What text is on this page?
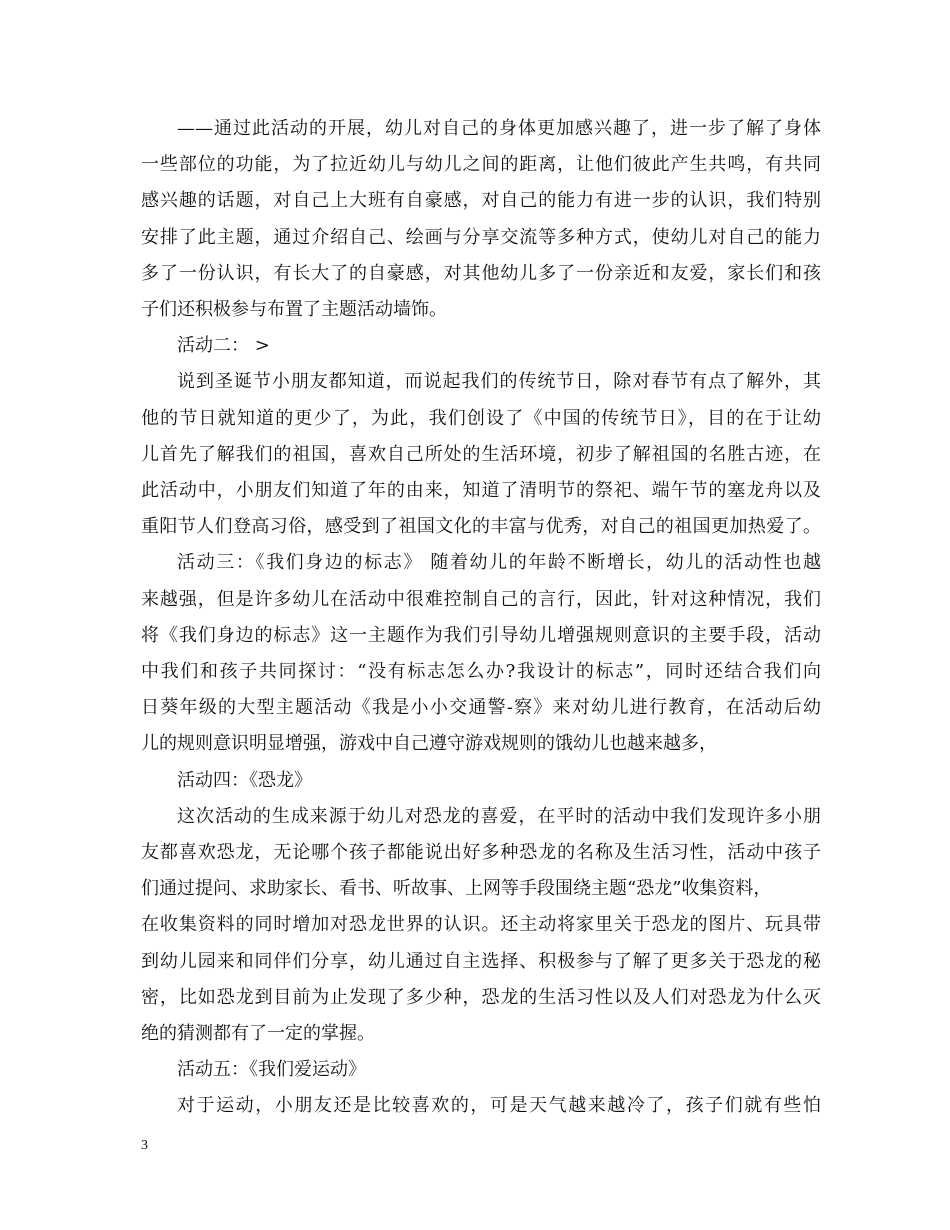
——通过此活动的开展，幼儿对自己的身体更加感兴趣了，进一步了解了身体
一些部位的功能，为了拉近幼儿与幼儿之间的距离，让他们彼此产生共鸣，有共同
感兴趣的话题，对自己上大班有自豪感，对自己的能力有进一步的认识，我们特别
安排了此主题，通过介绍自己、绘画与分享交流等多种方式，使幼儿对自己的能力
多了一份认识，有长大了的自豪感，对其他幼儿多了一份亲近和友爱，家长们和孩
子们还积极参与布置了主题活动墙饰。
活动二： >
说到圣诞节小朋友都知道，而说起我们的传统节日，除对春节有点了解外，其
他的节日就知道的更少了，为此，我们创设了《中国的传统节日》，目的在于让幼
儿首先了解我们的祖国，喜欢自己所处的生活环境，初步了解祖国的名胜古迹，在
此活动中，小朋友们知道了年的由来，知道了清明节的祭祀、端午节的塞龙舟以及
重阳节人们登高习俗，感受到了祖国文化的丰富与优秀，对自己的祖国更加热爱了。
活动三：《我们身边的标志》 随着幼儿的年龄不断增长，幼儿的活动性也越
来越强，但是许多幼儿在活动中很难控制自己的言行，因此，针对这种情况，我们
将《我们身边的标志》这一主题作为我们引导幼儿增强规则意识的主要手段，活动
中我们和孩子共同探讨：“没有标志怎么办?我设计的标志”，同时还结合我们向
日葵年级的大型主题活动《我是小小交通警-察》来对幼儿进行教育，在活动后幼
儿的规则意识明显增强，游戏中自己遵守游戏规则的饿幼儿也越来越多，
活动四：《恐龙》
这次活动的生成来源于幼儿对恐龙的喜爱，在平时的活动中我们发现许多小朋
友都喜欢恐龙，无论哪个孩子都能说出好多种恐龙的名称及生活习性，活动中孩子
们通过提问、求助家长、看书、听故事、上网等手段围绕主题“恐龙”收集资料，
在收集资料的同时增加对恐龙世界的认识。还主动将家里关于恐龙的图片、玩具带
到幼儿园来和同伴们分享，幼儿通过自主选择、积极参与了解了更多关于恐龙的秘
密，比如恐龙到目前为止发现了多少种，恐龙的生活习性以及人们对恐龙为什么灭
绝的猜测都有了一定的掌握。
活动五：《我们爱运动》
对于运动，小朋友还是比较喜欢的，可是天气越来越冷了，孩子们就有些怕
3
